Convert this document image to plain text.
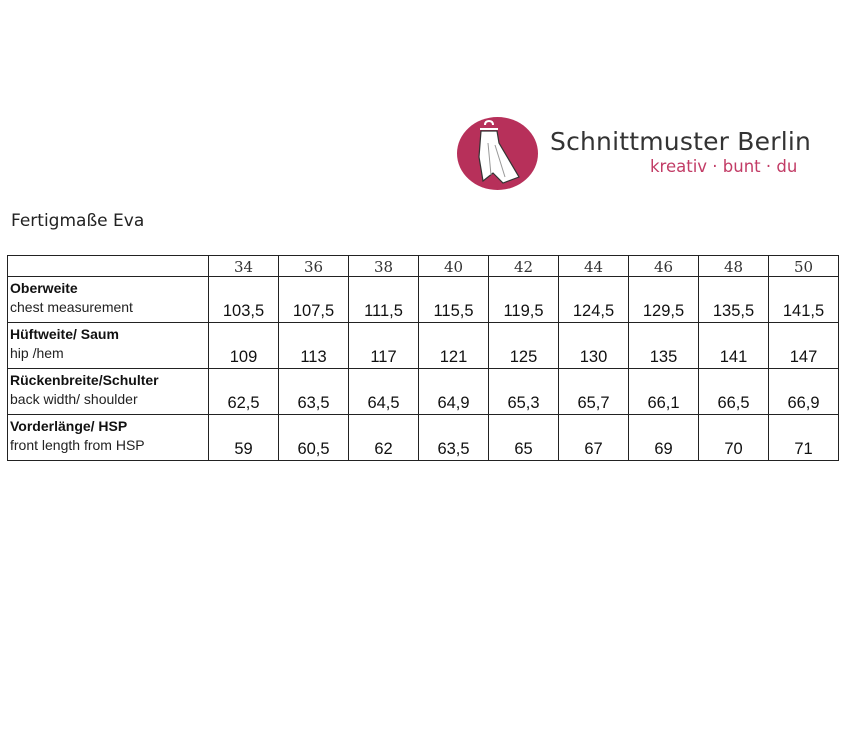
Schnittmuster Berlin
kreativ · bunt · du
Fertigmaße Eva
	34	36	38	40	42	44	46	48	50

Oberweite
chest measurement	103,5	107,5	111,5	115,5	119,5	124,5	129,5	135,5	141,5

Hüftweite/ Saum
hip /hem	109	113	117	121	125	130	135	141	147

Rückenbreite/Schulter
back width/ shoulder	62,5	63,5	64,5	64,9	65,3	65,7	66,1	66,5	66,9

Vorderlänge/ HSP
front length from HSP	59	60,5	62	63,5	65	67	69	70	71
